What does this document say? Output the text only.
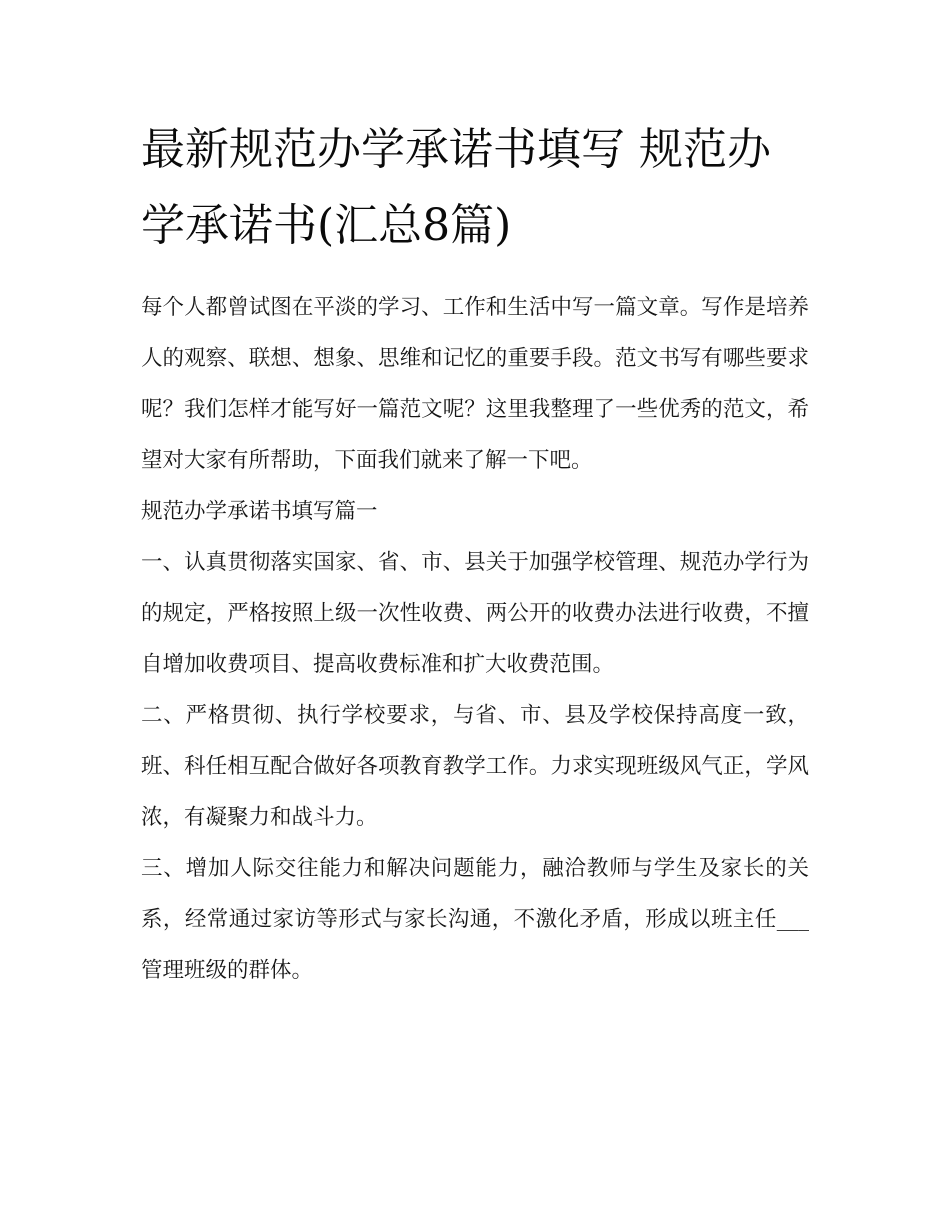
最新规范办学承诺书填写 规范办学承诺书(汇总8篇)

每个人都曾试图在平淡的学习、工作和生活中写一篇文章。写作是培养人的观察、联想、想象、思维和记忆的重要手段。范文书写有哪些要求呢？我们怎样才能写好一篇范文呢？这里我整理了一些优秀的范文，希望对大家有所帮助，下面我们就来了解一下吧。

规范办学承诺书填写篇一

一、认真贯彻落实国家、省、市、县关于加强学校管理、规范办学行为的规定，严格按照上级一次性收费、两公开的收费办法进行收费，不擅自增加收费项目、提高收费标准和扩大收费范围。

二、严格贯彻、执行学校要求，与省、市、县及学校保持高度一致，班、科任相互配合做好各项教育教学工作。力求实现班级风气正，学风浓，有凝聚力和战斗力。

三、增加人际交往能力和解决问题能力，融洽教师与学生及家长的关系，经常通过家访等形式与家长沟通，不激化矛盾，形成以班主任___管理班级的群体。
